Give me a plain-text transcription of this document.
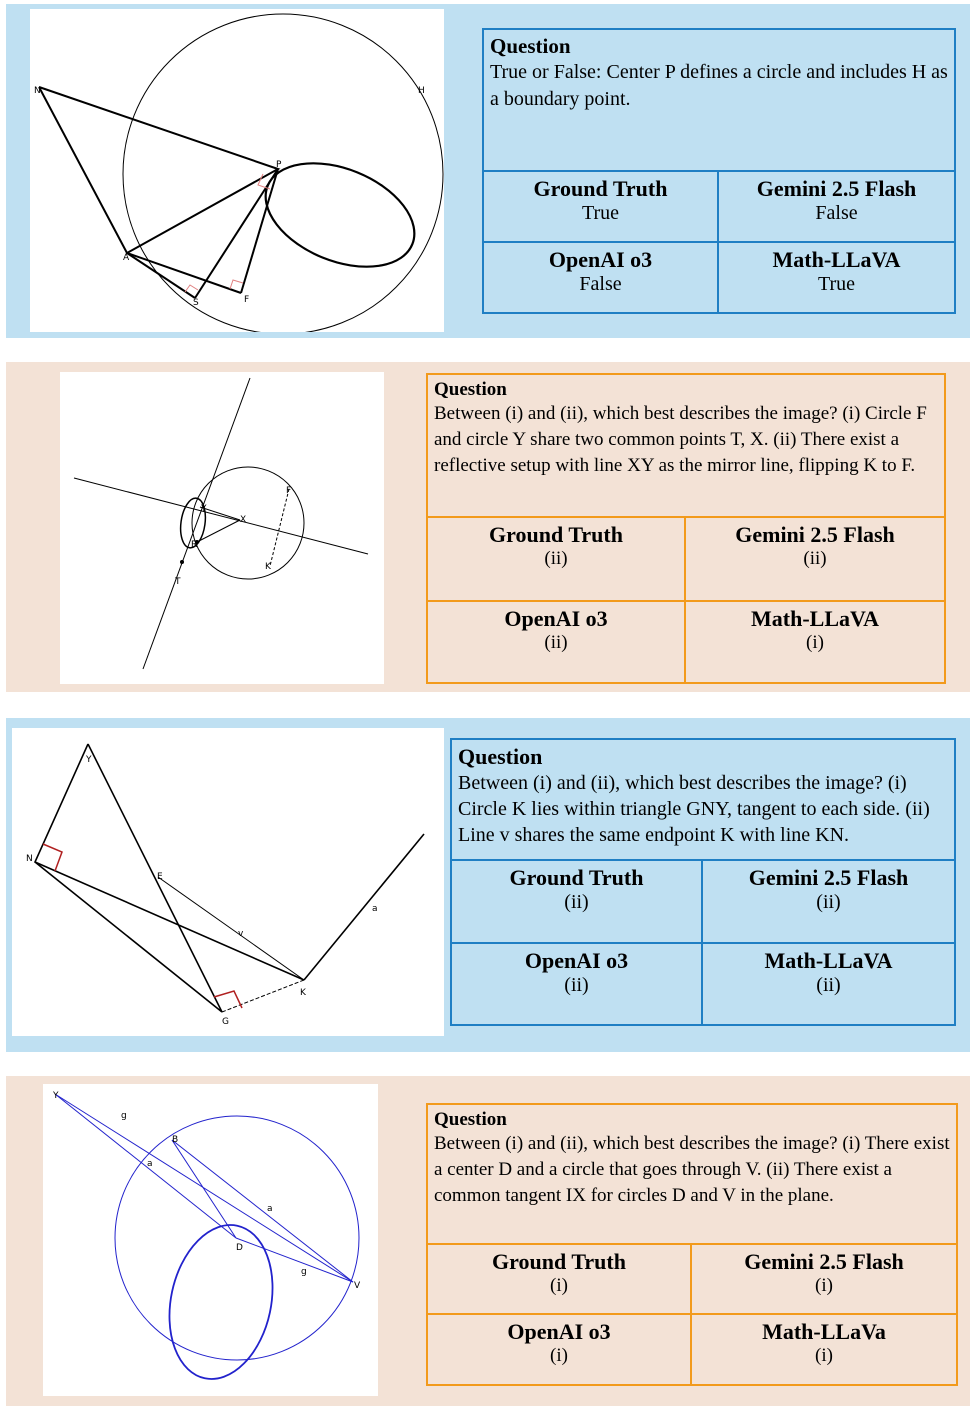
N	H
P
A
S	F
Question
True or False: Center P defines a circle and includes H as a boundary point.
Ground Truth
True
Gemini 2.5 Flash
False
OpenAI o3
False
Math-LLaVA
True
Y
X
R
F
K
T
Question
Between (i) and (ii), which best describes the image? (i) Circle F and circle Y share two common points T, X. (ii) There exist a reflective setup with line XY as the mirror line, flipping K to F.
Ground Truth
(ii)
Gemini 2.5 Flash
(ii)
OpenAI o3
(ii)
Math-LLaVA
(i)
Y
N
E
v
a
K
G
Question
Between (i) and (ii), which best describes the image? (i) Circle K lies within triangle GNY, tangent to each side. (ii) Line v shares the same endpoint K with line KN.
Ground Truth
(ii)
Gemini 2.5 Flash
(ii)
OpenAI o3
(ii)
Math-LLaVA
(ii)
Y
g
B
a
a
D
g
V
Question
Between (i) and (ii), which best describes the image? (i) There exist a center D and a circle that goes through V. (ii) There exist a common tangent IX for circles D and V in the plane.
Ground Truth
(i)
Gemini 2.5 Flash
(i)
OpenAI o3
(i)
Math-LLaVa
(i)
